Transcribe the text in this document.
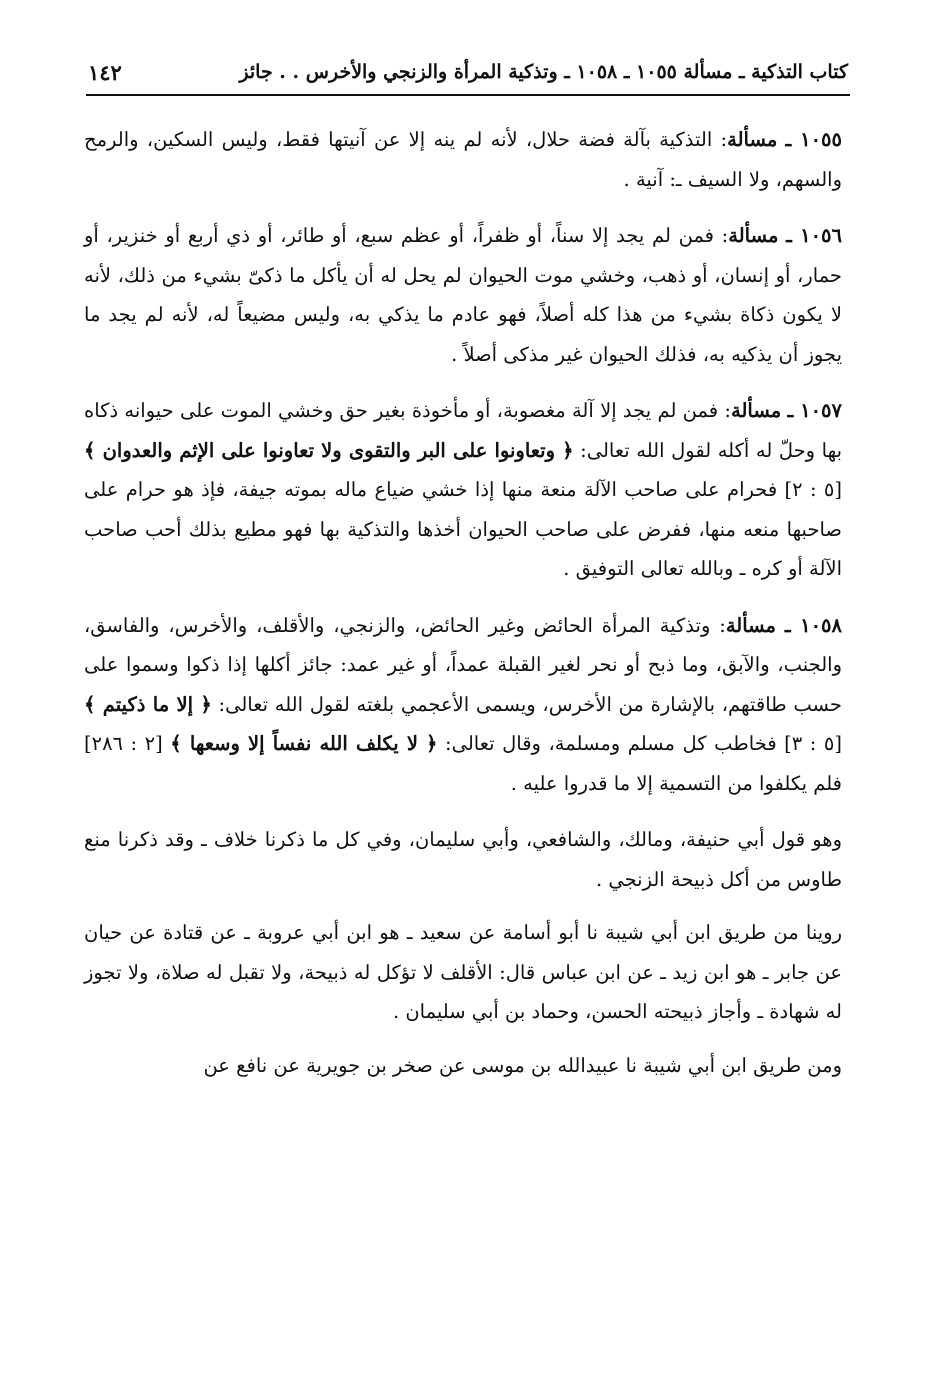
كتاب التذكية ـ مسألة ١٠٥٥ ـ ١٠٥٨ ـ وتذكية المرأة والزنجي والأخرس . . جائز
١٤٢

١٠٥٥ ـ مسألة: التذكية بآلة فضة حلال، لأنه لم ينه إلا عن آنيتها فقط، وليس السكين، والرمح والسهم، ولا السيف ـ: آنية .

١٠٥٦ ـ مسألة: فمن لم يجد إلا سناً، أو ظفراً، أو عظم سبع، أو طائر، أو ذي أربع أو خنزير، أو حمار، أو إنسان، أو ذهب، وخشي موت الحيوان لم يحل له أن يأكل ما ذكىّ بشيء من ذلك، لأنه لا يكون ذكاة بشيء من هذا كله أصلاً، فهو عادم ما يذكي به، وليس مضيعاً له، لأنه لم يجد ما يجوز أن يذكيه به، فذلك الحيوان غير مذكى أصلاً .

١٠٥٧ ـ مسألة: فمن لم يجد إلا آلة مغصوبة، أو مأخوذة بغير حق وخشي الموت على حيوانه ذكاه بها وحلّ له أكله لقول الله تعالى: ﴿ وتعاونوا على البر والتقوى ولا تعاونوا على الإثم والعدوان ﴾ [٥ : ٢] فحرام على صاحب الآلة منعة منها إذا خشي ضياع ماله بموته جيفة، فإذ هو حرام على صاحبها منعه منها، ففرض على صاحب الحيوان أخذها والتذكية بها فهو مطيع بذلك أحب صاحب الآلة أو كره ـ وبالله تعالى التوفيق .

١٠٥٨ ـ مسألة: وتذكية المرأة الحائض وغير الحائض، والزنجي، والأقلف، والأخرس، والفاسق، والجنب، والآبق، وما ذبح أو نحر لغير القبلة عمداً، أو غير عمد: جائز أكلها إذا ذكوا وسموا على حسب طاقتهم، بالإشارة من الأخرس، ويسمى الأعجمي بلغته لقول الله تعالى: ﴿ إلا ما ذكيتم ﴾ [٥ : ٣] فخاطب كل مسلم ومسلمة، وقال تعالى: ﴿ لا يكلف الله نفساً إلا وسعها ﴾ [٢ : ٢٨٦] فلم يكلفوا من التسمية إلا ما قدروا عليه .

وهو قول أبي حنيفة، ومالك، والشافعي، وأبي سليمان، وفي كل ما ذكرنا خلاف ـ وقد ذكرنا منع طاوس من أكل ذبيحة الزنجي .

روينا من طريق ابن أبي شيبة نا أبو أسامة عن سعيد ـ هو ابن أبي عروبة ـ عن قتادة عن حيان عن جابر ـ هو ابن زيد ـ عن ابن عباس قال: الأقلف لا تؤكل له ذبيحة، ولا تقبل له صلاة، ولا تجوز له شهادة ـ وأجاز ذبيحته الحسن، وحماد بن أبي سليمان .

ومن طريق ابن أبي شيبة نا عبيدالله بن موسى عن صخر بن جويرية عن نافع عن
